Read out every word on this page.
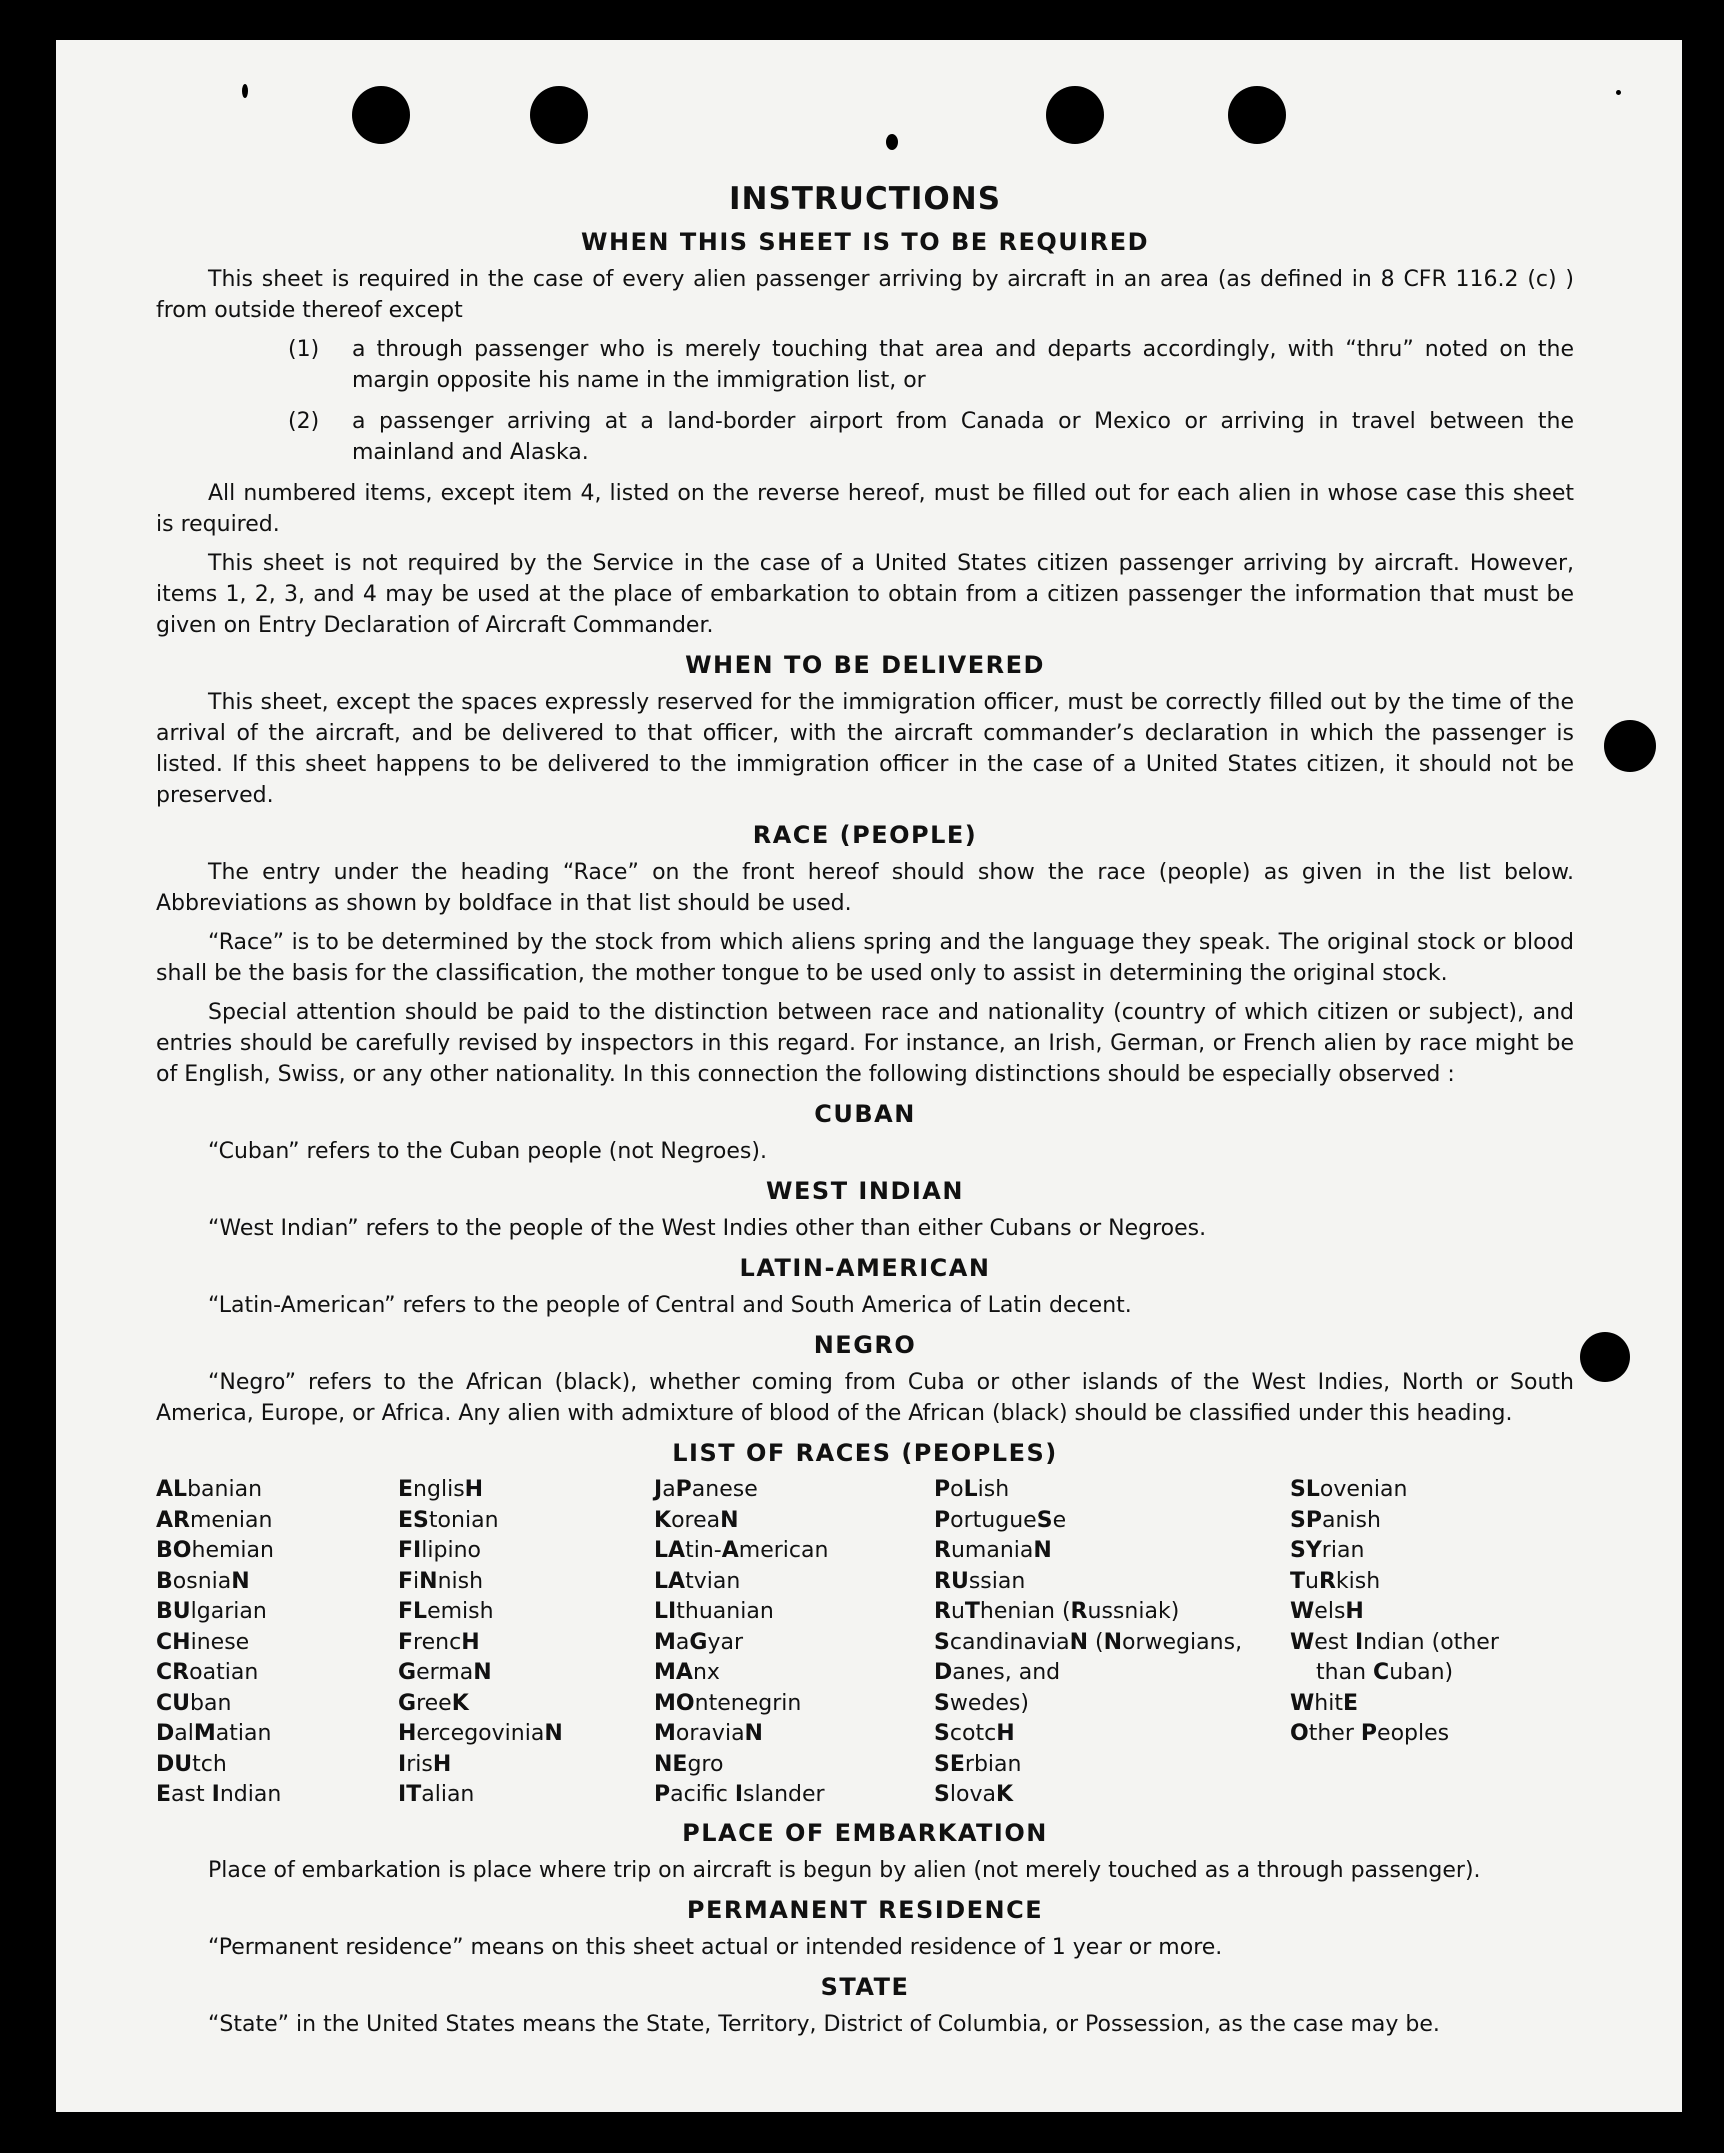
INSTRUCTIONS
WHEN THIS SHEET IS TO BE REQUIRED

This sheet is required in the case of every alien passenger arriving by aircraft in an area (as defined in 8 CFR 116.2 (c) ) from outside thereof except

(1)	a through passenger who is merely touching that area and departs accordingly, with “thru” noted on the margin opposite his name in the immigration list, or
(2)	a passenger arriving at a land-border airport from Canada or Mexico or arriving in travel between the mainland and Alaska.

All numbered items, except item 4, listed on the reverse hereof, must be filled out for each alien in whose case this sheet is required.

This sheet is not required by the Service in the case of a United States citizen passenger arriving by aircraft. However, items 1, 2, 3, and 4 may be used at the place of embarkation to obtain from a citizen passenger the information that must be given on Entry Declaration of Aircraft Commander.

WHEN TO BE DELIVERED

This sheet, except the spaces expressly reserved for the immigration officer, must be correctly filled out by the time of the arrival of the aircraft, and be delivered to that officer, with the aircraft commander’s declaration in which the passenger is listed. If this sheet happens to be delivered to the immigration officer in the case of a United States citizen, it should not be preserved.

RACE (PEOPLE)

The entry under the heading “Race” on the front hereof should show the race (people) as given in the list below. Abbreviations as shown by boldface in that list should be used.

“Race” is to be determined by the stock from which aliens spring and the language they speak. The original stock or blood shall be the basis for the classification, the mother tongue to be used only to assist in determining the original stock.

Special attention should be paid to the distinction between race and nationality (country of which citizen or subject), and entries should be carefully revised by inspectors in this regard. For instance, an Irish, German, or French alien by race might be of English, Swiss, or any other nationality. In this connection the following distinctions should be especially observed :

CUBAN

“Cuban” refers to the Cuban people (not Negroes).

WEST INDIAN

“West Indian” refers to the people of the West Indies other than either Cubans or Negroes.

LATIN-AMERICAN

“Latin-American” refers to the people of Central and South America of Latin decent.

NEGRO

“Negro” refers to the African (black), whether coming from Cuba or other islands of the West Indies, North or South America, Europe, or Africa. Any alien with admixture of blood of the African (black) should be classified under this heading.

LIST OF RACES (PEOPLES)
ALbanian
ARmenian
BOhemian
BosniaN
BUlgarian
CHinese
CRoatian
CUban
DalMatian
DUtch
East Indian
EnglisH
EStonian
FIlipino
FiNnish
FLemish
FrencH
GermaN
GreeK
HercegoviniaN
IrisH
ITalian
JaPanese
KoreaN
LAtin-American
LAtvian
LIthuanian
MaGyar
MAnx
MOntenegrin
MoraviaN
NEgro
Pacifc Islander
PoLish
PortugueSe
RumaniaN
RUssian
RuThenian (Russniak)
ScandinaviaN (Norwegians,
Danes, and
Swedes)
ScotcH
SErbian
SlovaK
SLovenian
SPanish
SYrian
TuRkish
WelsH
West Indian (other
than Cuban)
WhitE
Other Peoples
PLACE OF EMBARKATION

Place of embarkation is place where trip on aircraft is begun by alien (not merely touched as a through passenger).

PERMANENT RESIDENCE

“Permanent residence” means on this sheet actual or intended residence of 1 year or more.

STATE

“State” in the United States means the State, Territory, District of Columbia, or Possession, as the case may be.
